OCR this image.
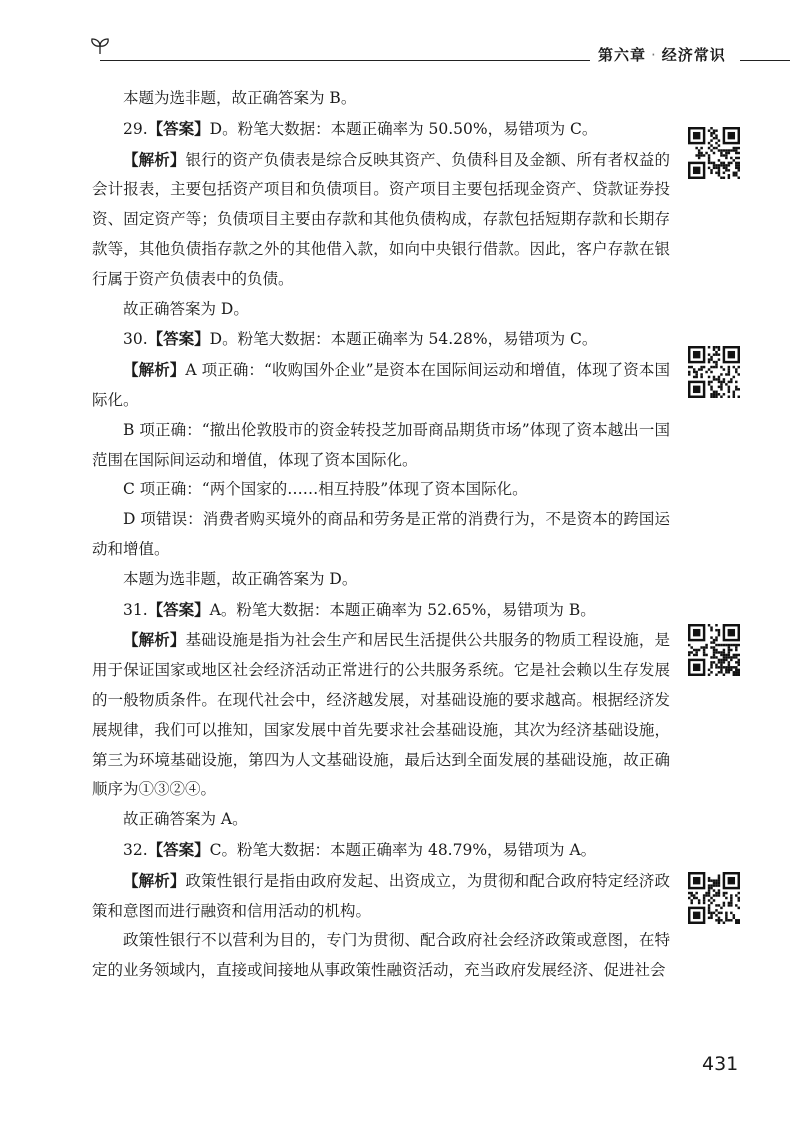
第六章 · 经济常识

本题为选非题，故正确答案为 B。

29.【答案】D。粉笔大数据：本题正确率为 50.50%，易错项为 C。

【解析】银行的资产负债表是综合反映其资产、负债科目及金额、所有者权益的会计报表，主要包括资产项目和负债项目。资产项目主要包括现金资产、贷款证券投资、固定资产等；负债项目主要由存款和其他负债构成，存款包括短期存款和长期存款等，其他负债指存款之外的其他借入款，如向中央银行借款。因此，客户存款在银行属于资产负债表中的负债。

故正确答案为 D。

30.【答案】D。粉笔大数据：本题正确率为 54.28%，易错项为 C。

【解析】A 项正确：“收购国外企业”是资本在国际间运动和增值，体现了资本国际化。

B 项正确：“撤出伦敦股市的资金转投芝加哥商品期货市场”体现了资本越出一国范围在国际间运动和增值，体现了资本国际化。

C 项正确：“两个国家的……相互持股”体现了资本国际化。

D 项错误：消费者购买境外的商品和劳务是正常的消费行为，不是资本的跨国运动和增值。

本题为选非题，故正确答案为 D。

31.【答案】A。粉笔大数据：本题正确率为 52.65%，易错项为 B。

【解析】基础设施是指为社会生产和居民生活提供公共服务的物质工程设施，是用于保证国家或地区社会经济活动正常进行的公共服务系统。它是社会赖以生存发展的一般物质条件。在现代社会中，经济越发展，对基础设施的要求越高。根据经济发展规律，我们可以推知，国家发展中首先要求社会基础设施，其次为经济基础设施，第三为环境基础设施，第四为人文基础设施，最后达到全面发展的基础设施，故正确顺序为①③②④。

故正确答案为 A。

32.【答案】C。粉笔大数据：本题正确率为 48.79%，易错项为 A。

【解析】政策性银行是指由政府发起、出资成立，为贯彻和配合政府特定经济政策和意图而进行融资和信用活动的机构。

政策性银行不以营利为目的，专门为贯彻、配合政府社会经济政策或意图，在特定的业务领域内，直接或间接地从事政策性融资活动，充当政府发展经济、促进社会

431
